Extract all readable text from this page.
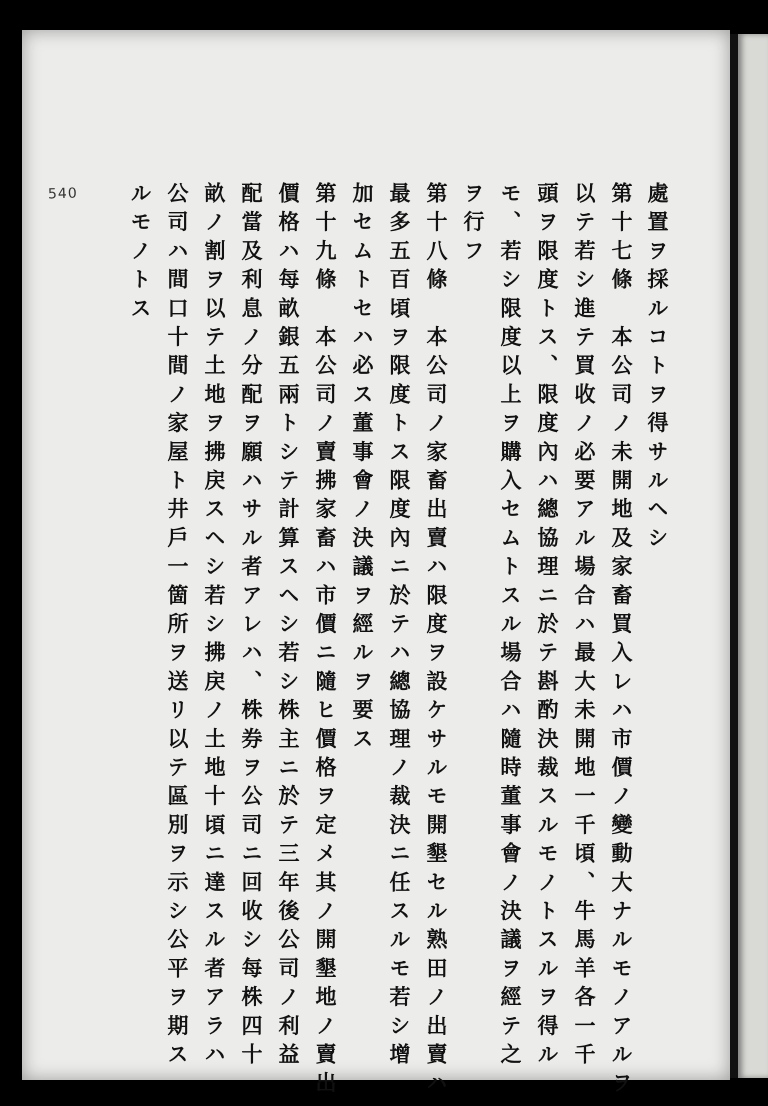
540	處置ヲ採ルコトヲ得サルヘシ
第十七條　本公司ノ未開地及家畜買入レハ市價ノ變動大ナルモノアルヲ
以テ若シ進テ買收ノ必要アル場合ハ最大未開地一千頃、牛馬羊各一千
頭ヲ限度トス、限度內ハ總協理ニ於テ斟酌決裁スルモノトスルヲ得ル
モ、若シ限度以上ヲ購入セムトスル場合ハ隨時董事會ノ決議ヲ經テ之
ヲ行フ
第十八條　本公司ノ家畜出賣ハ限度ヲ設ケサルモ開墾セル熟田ノ出賣ハ
最多五百頃ヲ限度トス限度內ニ於テハ總協理ノ裁決ニ任スルモ若シ增
加セムトセハ必ス董事會ノ決議ヲ經ルヲ要ス
第十九條　本公司ノ賣拂家畜ハ市價ニ隨ヒ價格ヲ定メ其ノ開墾地ノ賣出
價格ハ每畝銀五兩トシテ計算スヘシ若シ株主ニ於テ三年後公司ノ利益
配當及利息ノ分配ヲ願ハサル者アレハ、株券ヲ公司ニ回收シ每株四十
畝ノ割ヲ以テ土地ヲ拂戻スヘシ若シ拂戻ノ土地十頃ニ達スル者アラハ
公司ハ間口十間ノ家屋ト井戶一箇所ヲ送リ以テ區別ヲ示シ公平ヲ期ス
ルモノトス
